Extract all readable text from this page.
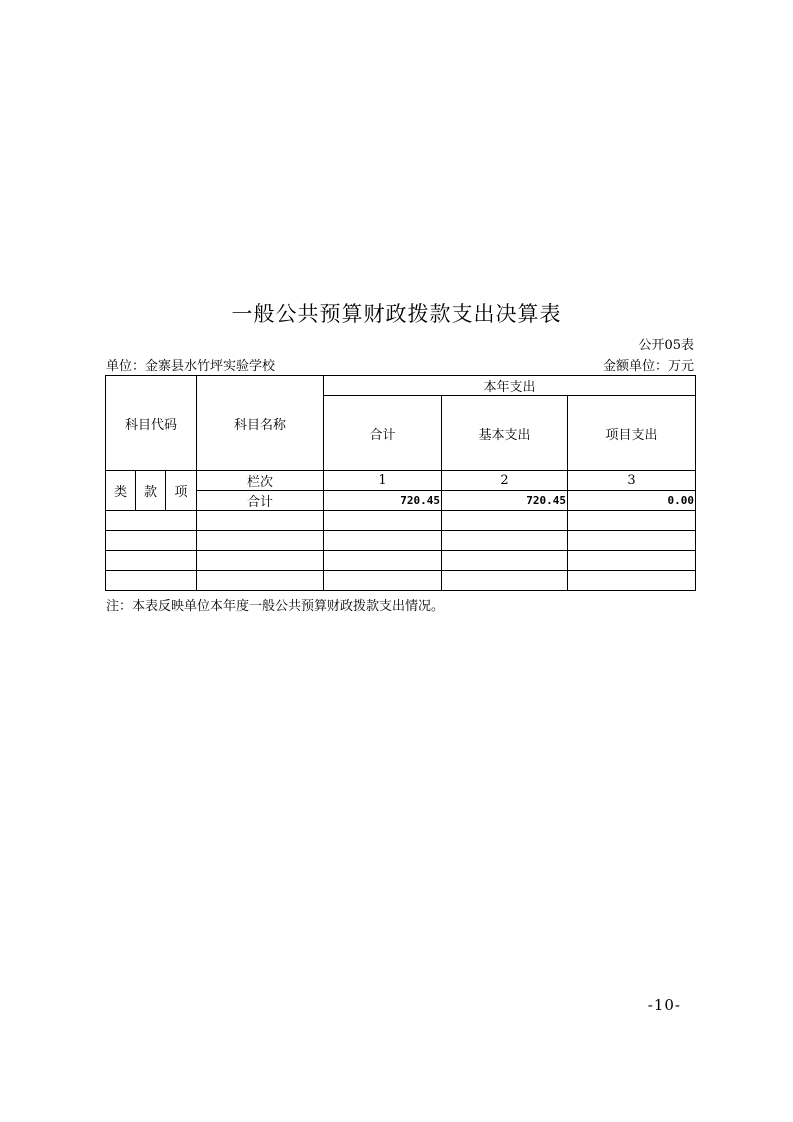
一般公共预算财政拨款支出决算表
公开05表
单位：金寨县水竹坪实验学校	金额单位：万元
科目代码			科目名称	本年支出		
				合计	基本支出	项目支出
类	款	项	栏次	1	2	3
			合计	720.45	720.45	0.00

注：本表反映单位本年度一般公共预算财政拨款支出情况。
-10-
